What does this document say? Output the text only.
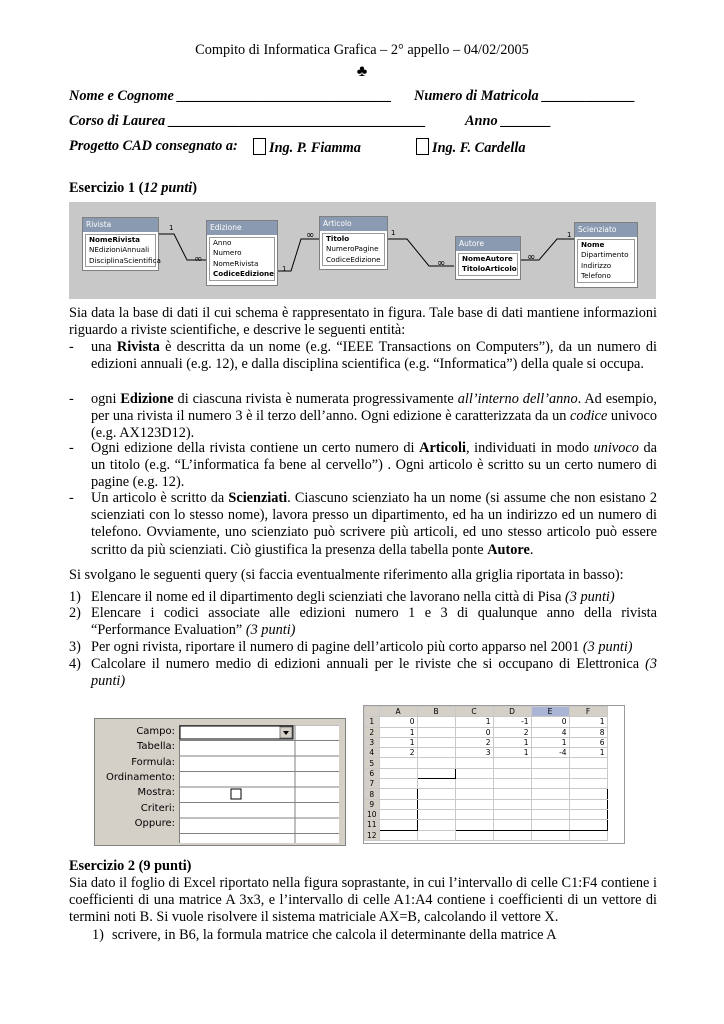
Compito di Informatica Grafica – 2° appello – 04/02/2005
♣
Nome e Cognome ______________________________ Numero di Matricola _____________
Corso di Laurea ____________________________________	Anno _______
Progetto CAD consegnato a:	Ing. P. Fiamma	Ing. F. Cardella
Esercizio 1 (12 punti)
1
∞
1
∞	1
∞
∞
1
Rivista
NomeRivista
NEdizioniAnnuali
DisciplinaScientifica
Edizione
Anno
Numero
NomeRivista
CodiceEdizione
Articolo
Titolo
NumeroPagine
CodiceEdizione
Autore
NomeAutore
TitoloArticolo
Scienziato
Nome
Dipartimento
Indirizzo
Telefono
Sia data la base di dati il cui schema è rappresentato in figura. Tale base di dati mantiene informazioni riguardo a riviste scientifiche, e descrive le seguenti entità:
- una Rivista è descritta da un nome (e.g. “IEEE Transactions on Computers”), da un numero di edizioni annuali (e.g. 12), e dalla disciplina scientifica (e.g. “Informatica”) della quale si occupa.
- ogni Edizione di ciascuna rivista è numerata progressivamente all’interno dell’anno. Ad esempio, per una rivista il numero 3 è il terzo dell’anno. Ogni edizione è caratterizzata da un codice univoco (e.g. AX123D12).
- Ogni edizione della rivista contiene un certo numero di Articoli, individuati in modo univoco da un titolo (e.g. “L’informatica fa bene al cervello”) . Ogni articolo è scritto su un certo numero di pagine (e.g. 12).
- Un articolo è scritto da Scienziati. Ciascuno scienziato ha un nome (si assume che non esistano 2 scienziati con lo stesso nome), lavora presso un dipartimento, ed ha un indirizzo ed un numero di telefono. Ovviamente, uno scienziato può scrivere più articoli, ed uno stesso articolo può essere scritto da più scienziati. Ciò giustifica la presenza della tabella ponte Autore.
Si svolgano le seguenti query (si faccia eventualmente riferimento alla griglia riportata in basso):
1) Elencare il nome ed il dipartimento degli scienziati che lavorano nella città di Pisa (3 punti)
2) Elencare i codici associate alle edizioni numero 1 e 3 di qualunque anno della rivista “Performance Evaluation” (3 punti)
3) Per ogni rivista, riportare il numero di pagine dell’articolo più corto apparso nel 2001 (3 punti)
4) Calcolare il numero medio di edizioni annuali per le riviste che si occupano di Elettronica (3 punti)
Campo:
Tabella:
Formula:
Ordinamento:
Mostra:
Criteri:
Oppure:
	A	B	C	D	E	F
1	0		1	-1	0	1
2	1		0	2	4	8
3	1		2	1	1	6
4	2		3	1	-4	1
5						
6						
7						
8						
9						
10						
11						
12						
Esercizio 2 (9 punti)
Sia dato il foglio di Excel riportato nella figura soprastante, in cui l’intervallo di celle C1:F4 contiene i coefficienti di una matrice A 3x3, e l’intervallo di celle A1:A4 contiene i coefficienti di un vettore di termini noti B. Si vuole risolvere il sistema matriciale AX=B, calcolando il vettore X.
1) scrivere, in B6, la formula matrice che calcola il determinante della matrice A
